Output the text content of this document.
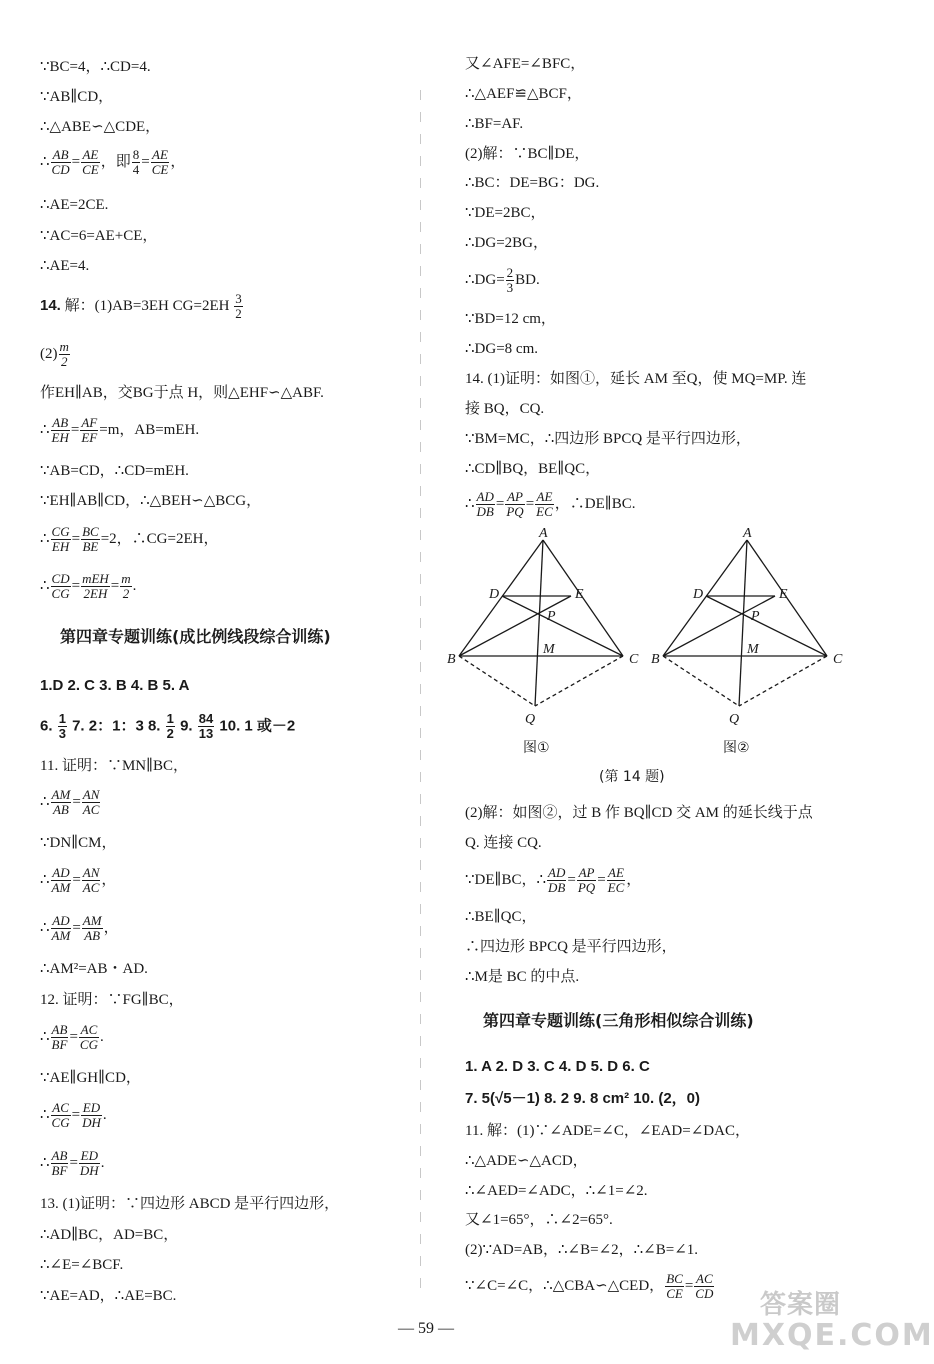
∵BC=4，∴CD=4.
∵AB∥CD，
∴△ABE∽△CDE，
∴ $\frac{AB}{CD} = \frac{AE}{CE}$ ，即 $\frac{8}{4} = \frac{AE}{CE}$ ，
∴AE=2CE.
∵AC=6=AE+CE，
∴AE=4.
14. 解：(1)AB=3EH $CG=2EH \frac{3}{2}$
$(2) \frac{m}{2}$
作EH∥AB，交BG于点 H，则△EHF∽△ABF.
∴ $\frac{AB}{EH} = \frac{AF}{EF} =m$，AB=mEH.
∵AB=CD，∴CD=mEH.
∵EH∥AB∥CD，∴△BEH∽△BCG，
∴ $\frac{CG}{EH} = \frac{BC}{BE} =2$，∴CG=2EH，
∴ $\frac{CD}{CG}$ = mEH
$2EH = \frac{m}{2}$ .
第四章专题训练(成比例线段综合训练)
1.D 2. C 3. B 4. B 5. A
6. $\frac{1}{3} 7$. 2：1：3 8. $\frac{1}{2} 9$. $\frac{84}{13} 10$. 1 或－2
11. 证明：∵MN∥BC，
∴ $\frac{AM}{AB} = \frac{AN}{AC}$
∵DN∥CM，
∴ $\frac{AD}{AM} = \frac{AN}{AC}$ ，
∴ $\frac{AD}{AM} = \frac{AM}{AB}$ ，
∴AM²=AB・AD.
12. 证明：∵FG∥BC，
∴ $\frac{AB}{BF} = \frac{AC}{CG}$ .
∵AE∥GH∥CD，
∴ $\frac{AC}{CG} = \frac{ED}{DH}$ .
∴ $\frac{AB}{BF} = \frac{ED}{DH}$ .
13. (1)证明：∵四边形 ABCD 是平行四边形，
∴AD∥BC，AD=BC，
∴∠E=∠BCF.
∵AE=AD，∴AE=BC.
又∠AFE=∠BFC，
∴△AEF≌△BCF，
∴BF=AF.
(2)解：∵BC∥DE，
∴BC：DE=BG：DG.
∵DE=2BC，
∴DG=2BG，
∴DG= $\frac{2}{3}$ BD.
∵BD=12 cm，
∴DG=8 cm.
14. (1)证明：如图①，延长 AM 至Q，使 MQ=MP. 连
接 BQ，CQ.
∵BM=MC，∴四边形 BPCQ 是平行四边形，
∴CD∥BQ，BE∥QC，
∴ $\frac{AD}{DB} = \frac{AP}{PQ} = \frac{AE}{EC}$ ，∴DE∥BC.
(2)解：如图②，过 B 作 BQ∥CD 交 AM 的延长线于点
Q. 连接 CQ.
∵DE∥BC，∴ $\frac{AD}{DB} = \frac{AP}{PQ} = \frac{AE}{EC}$ ，
∴BE∥QC，
∴四边形 BPCQ 是平行四边形，
∴M是 BC 的中点.
第四章专题训练(三角形相似综合训练)
1. A 2. D 3. C 4. D 5. D 6. C
7. 5(√5－1) 8. 2 9. 8 cm² 10. (2，0)
11. 解：(1)∵∠ADE=∠C，∠EAD=∠DAC，
∴△ADE∽△ACD，
∴∠AED=∠ADC，∴∠1=∠2.
又∠1=65°，∴∠2=65°.
(2)∵AD=AB，∴∠B=∠2，∴∠B=∠1.
∵∠C=∠C，∴△CBA∽△CED， $\frac{BC}{CE} = \frac{AC}{CD}$
A
B	C
D	E
P
M
Q
A
B	C
D	E
P
M
Q
图①	图②
(第 14 题)
— 59 —
答案圈
MXQE.COM
